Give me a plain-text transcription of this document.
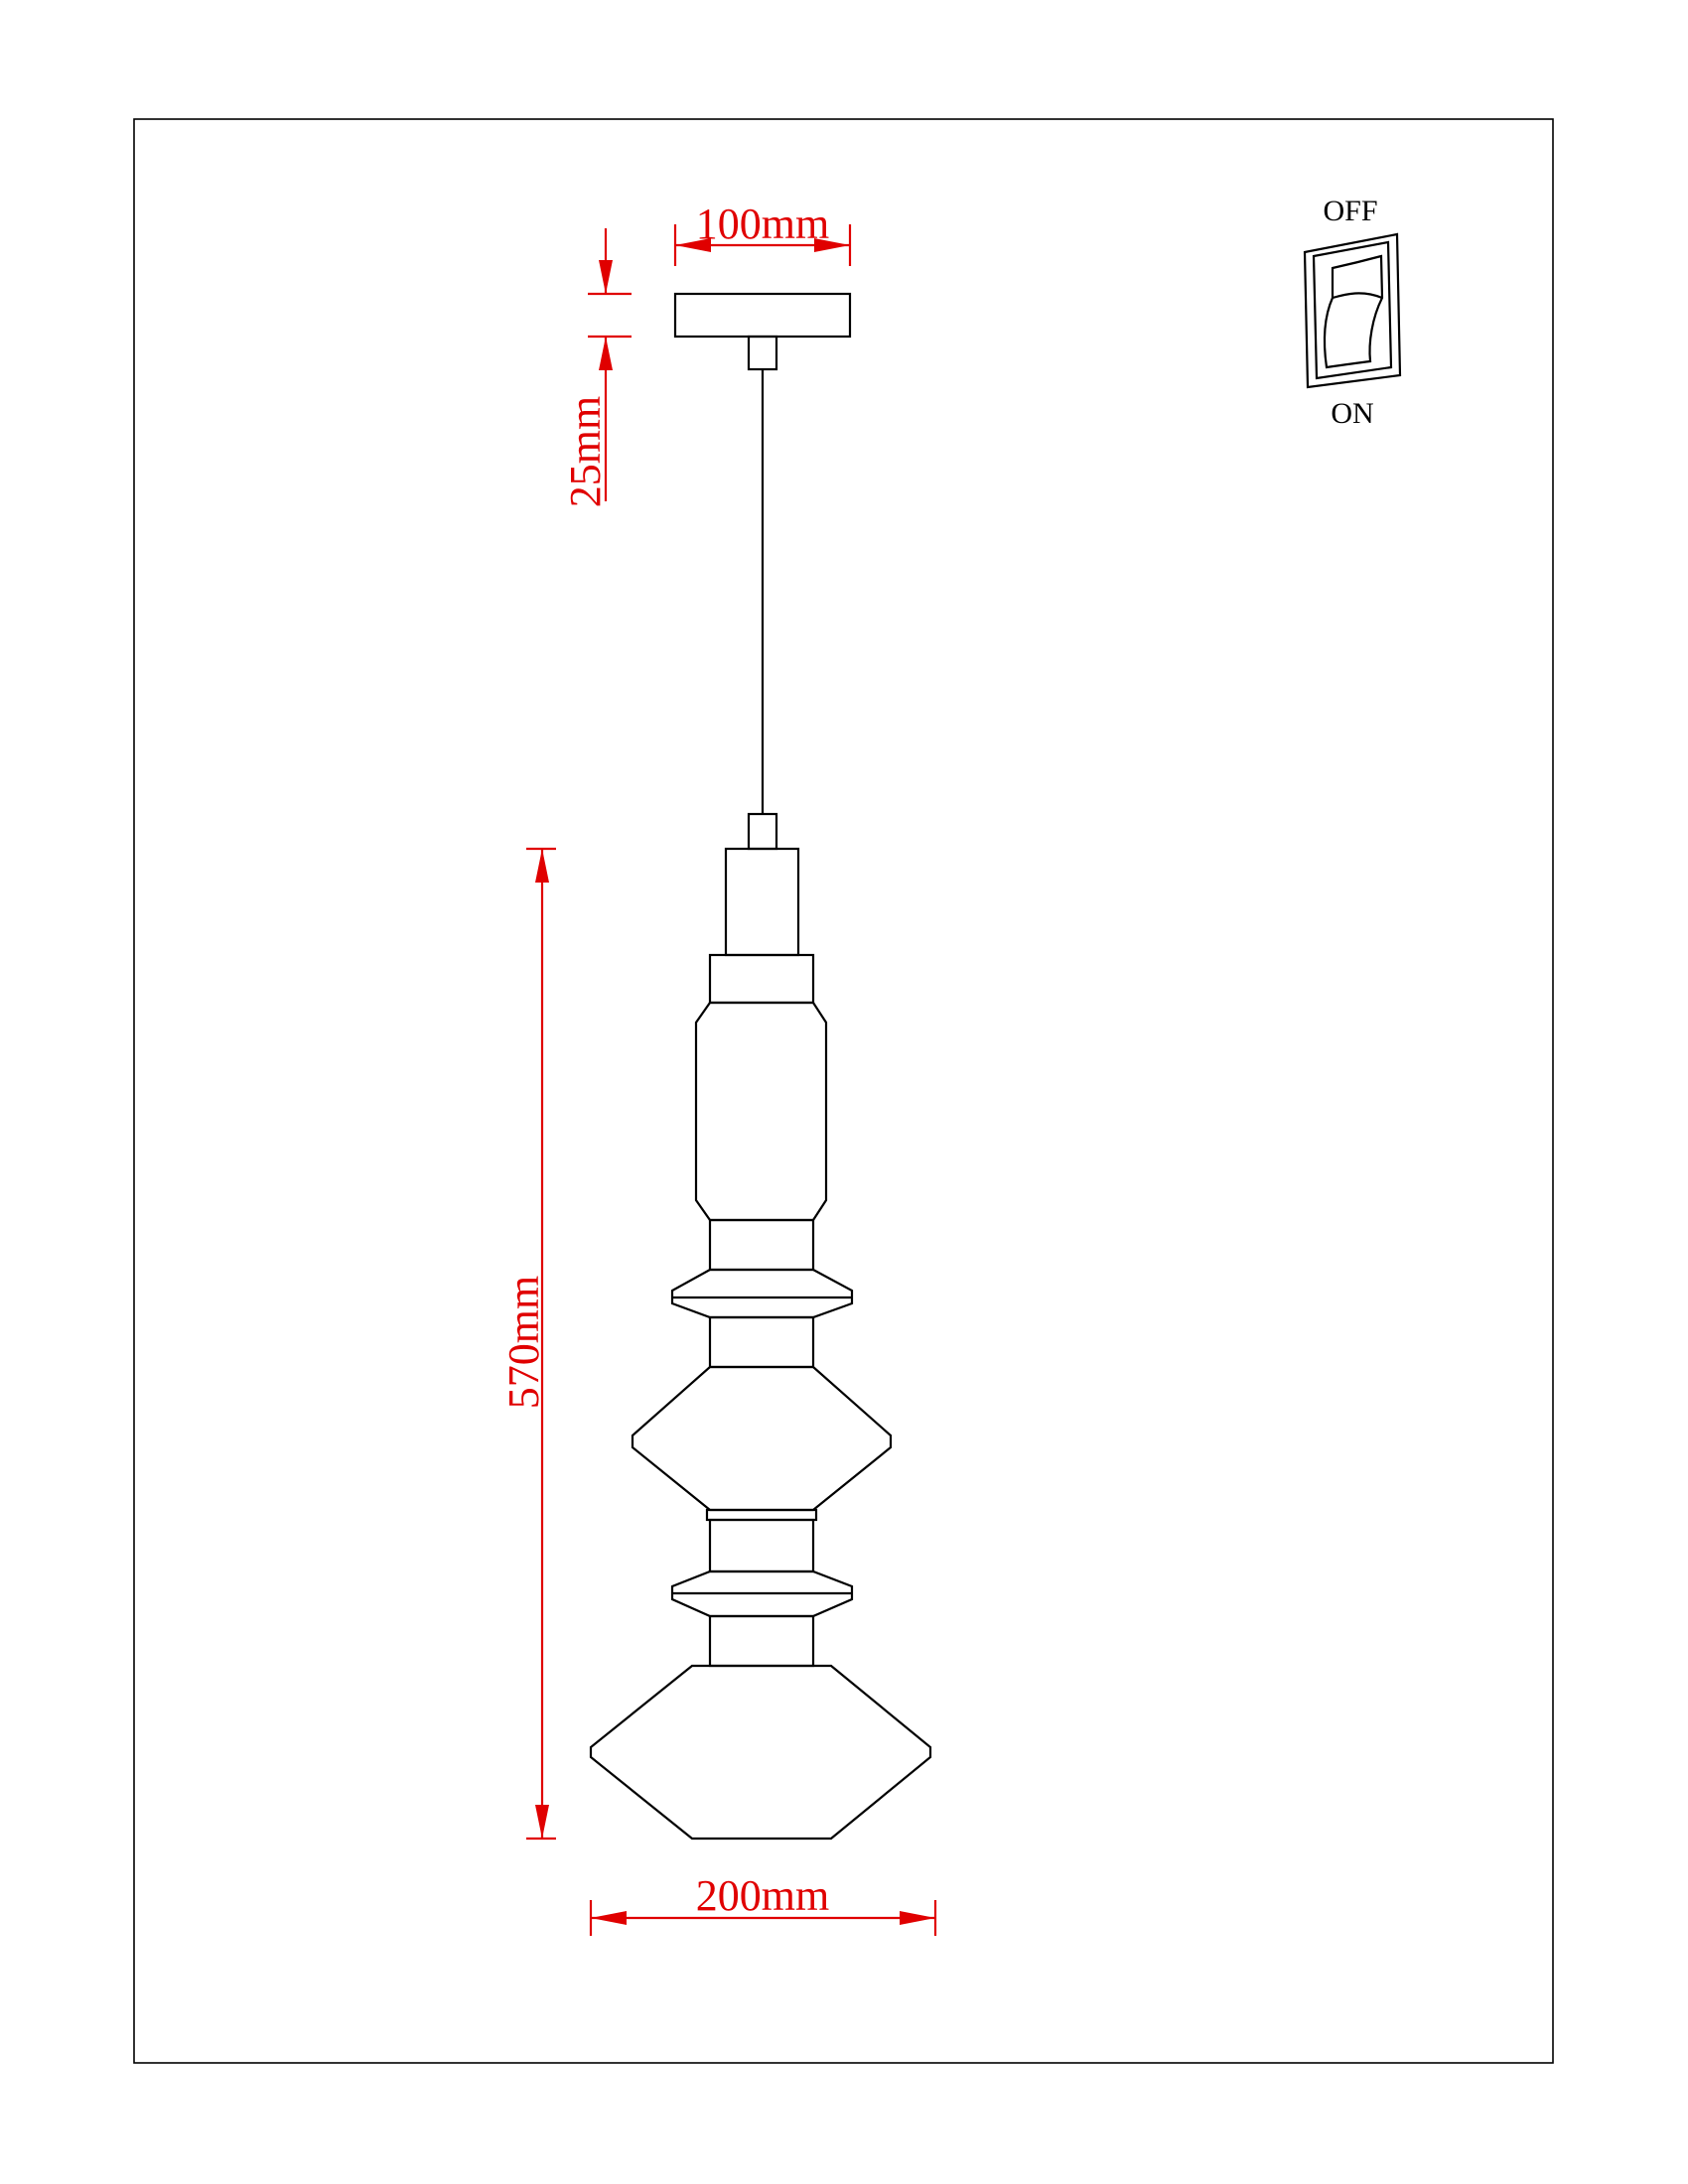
100mm
25mm
570mm
200mm
OFF
ON
